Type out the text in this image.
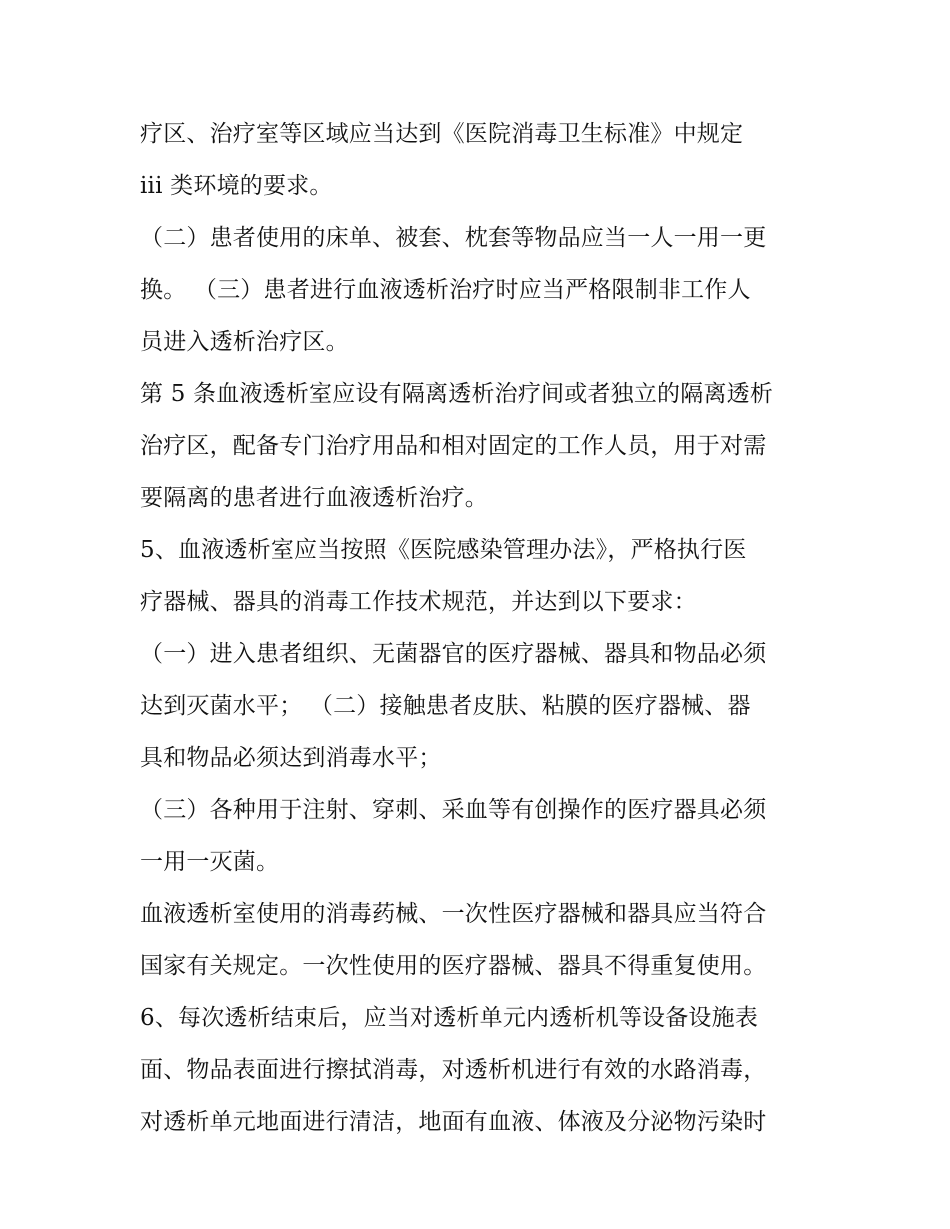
疗区、治疗室等区域应当达到《医院消毒卫生标准》中规定
iii 类环境的要求。
（二）患者使用的床单、被套、枕套等物品应当一人一用一更
换。 （三）患者进行血液透析治疗时应当严格限制非工作人
员进入透析治疗区。
第 5 条血液透析室应设有隔离透析治疗间或者独立的隔离透析
治疗区，配备专门治疗用品和相对固定的工作人员，用于对需
要隔离的患者进行血液透析治疗。
5、血液透析室应当按照《医院感染管理办法》，严格执行医
疗器械、器具的消毒工作技术规范，并达到以下要求：
（一）进入患者组织、无菌器官的医疗器械、器具和物品必须
达到灭菌水平； （二）接触患者皮肤、粘膜的医疗器械、器
具和物品必须达到消毒水平；
（三）各种用于注射、穿刺、采血等有创操作的医疗器具必须
一用一灭菌。
血液透析室使用的消毒药械、一次性医疗器械和器具应当符合
国家有关规定。一次性使用的医疗器械、器具不得重复使用。
6、每次透析结束后，应当对透析单元内透析机等设备设施表
面、物品表面进行擦拭消毒，对透析机进行有效的水路消毒，
对透析单元地面进行清洁，地面有血液、体液及分泌物污染时
